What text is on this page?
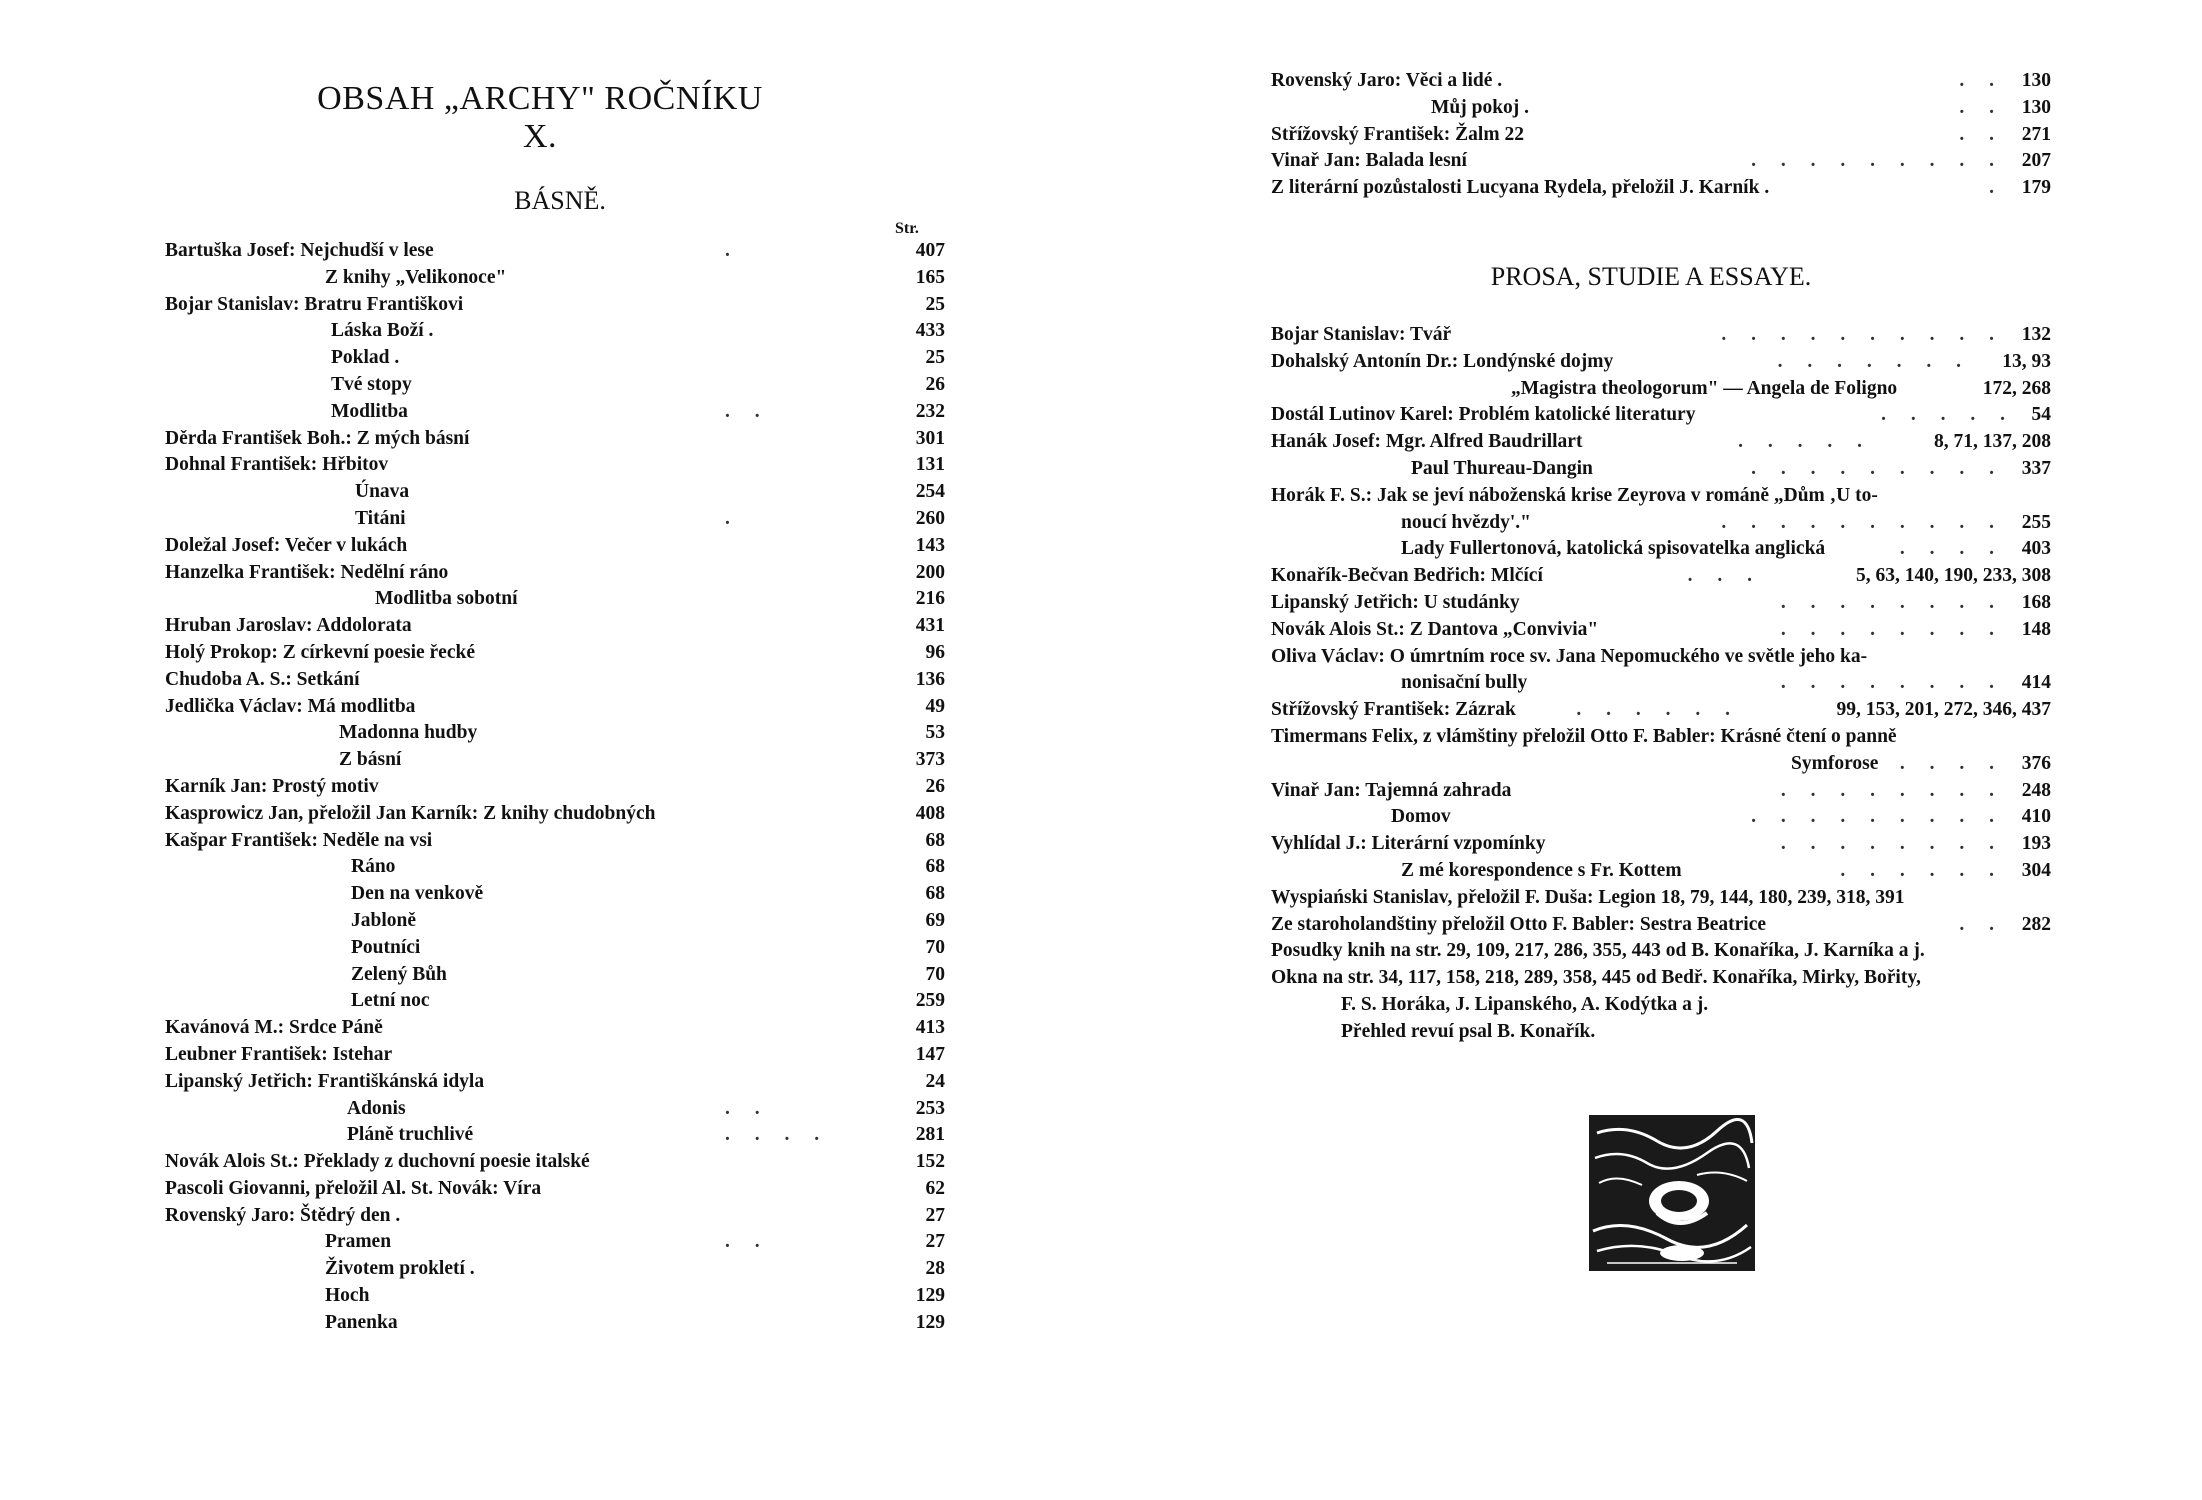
OBSAH „ARCHY" ROČNÍKU X.
BÁSNĚ.
Str.
Bartuška Josef: Nejchudší v lese	.	407
Z knihy „Velikonoce"	165
Bojar Stanislav: Bratru Františkovi	25
Láska Boží .	433
Poklad .	25
Tvé stopy	26
Modlitba	. .	232
Děrda František Boh.: Z mých básní	301
Dohnal František: Hřbitov	131
Únava	254
Titáni	.	260
Doležal Josef: Večer v lukách	143
Hanzelka František: Nedělní ráno	200
Modlitba sobotní	216
Hruban Jaroslav: Addolorata	431
Holý Prokop: Z církevní poesie řecké	96
Chudoba A. S.: Setkání	136
Jedlička Václav: Má modlitba	49
Madonna hudby	53
Z básní	373
Karník Jan: Prostý motiv	26
Kasprowicz Jan, přeložil Jan Karník: Z knihy chudobných	408
Kašpar František: Neděle na vsi	68
Ráno	68
Den na venkově	68
Jabloně	69
Poutníci	70
Zelený Bůh	70
Letní noc	259
Kavánová M.: Srdce Páně	413
Leubner František: Istehar	147
Lipanský Jetřich: Františkánská idyla	24
Adonis	. .	253
Pláně truchlivé	. . . .	281
Novák Alois St.: Překlady z duchovní poesie italské	152
Pascoli Giovanni, přeložil Al. St. Novák: Víra	62
Rovenský Jaro: Štědrý den .	27
Pramen	. .	27
Životem prokletí .	28
Hoch	129
Panenka	129
Rovenský Jaro: Věci a lidé .	. . 130
Můj pokoj .	. . 130
Střížovský František: Žalm 22	. . 271
Vinař Jan: Balada lesní	. . . . . . . . . 207
Z literární pozůstalosti Lucyana Rydela, přeložil J. Karník .	. 179
PROSA, STUDIE A ESSAYE.
Bojar Stanislav: Tvář	. . . . . . . . . . 132
Dohalský Antonín Dr.: Londýnské dojmy	. . . . . . . 13, 93
„Magistra theologorum" — Angela de Foligno	172, 268
Dostál Lutinov Karel: Problém katolické literatury	. . . . . 54
Hanák Josef: Mgr. Alfred Baudrillart	. . . . .	8, 71, 137, 208
Paul Thureau-Dangin	. . . . . . . . . 337
Horák F. S.: Jak se jeví náboženská krise Zeyrova v románě „Dům ‚U to-
noucí hvězdy'."	. . . . . . . . . . 255
Lady Fullertonová, katolická spisovatelka anglická	. . . . 403
Konařík-Bečvan Bedřich: Mlčící	. . .	5, 63, 140, 190, 233, 308
Lipanský Jetřich: U studánky	. . . . . . . . 168
Novák Alois St.: Z Dantova „Convivia"	. . . . . . . . 148
Oliva Václav: O úmrtním roce sv. Jana Nepomuckého ve světle jeho ka-
nonisační bully	. . . . . . . . 414
Střížovský František: Zázrak	. . . . . .	99, 153, 201, 272, 346, 437
Timermans Felix, z vlámštiny přeložil Otto F. Babler: Krásné čtení o panně
Symforose . . . . 376
Vinař Jan: Tajemná zahrada	. . . . . . . . 248
Domov	. . . . . . . . . 410
Vyhlídal J.: Literární vzpomínky	. . . . . . . . 193
Z mé korespondence s Fr. Kottem	. . . . . . 304
Wyspiański Stanislav, přeložil F. Duša: Legion 18, 79, 144, 180, 239, 318, 391
Ze staroholandštiny přeložil Otto F. Babler: Sestra Beatrice	. . 282
Posudky knih na str. 29, 109, 217, 286, 355, 443 od B. Konaříka, J. Karníka a j.
Okna na str. 34, 117, 158, 218, 289, 358, 445 od Bedř. Konaříka, Mirky, Bořity,
F. S. Horáka, J. Lipanského, A. Kodýtka a j.
Přehled revuí psal B. Konařík.
